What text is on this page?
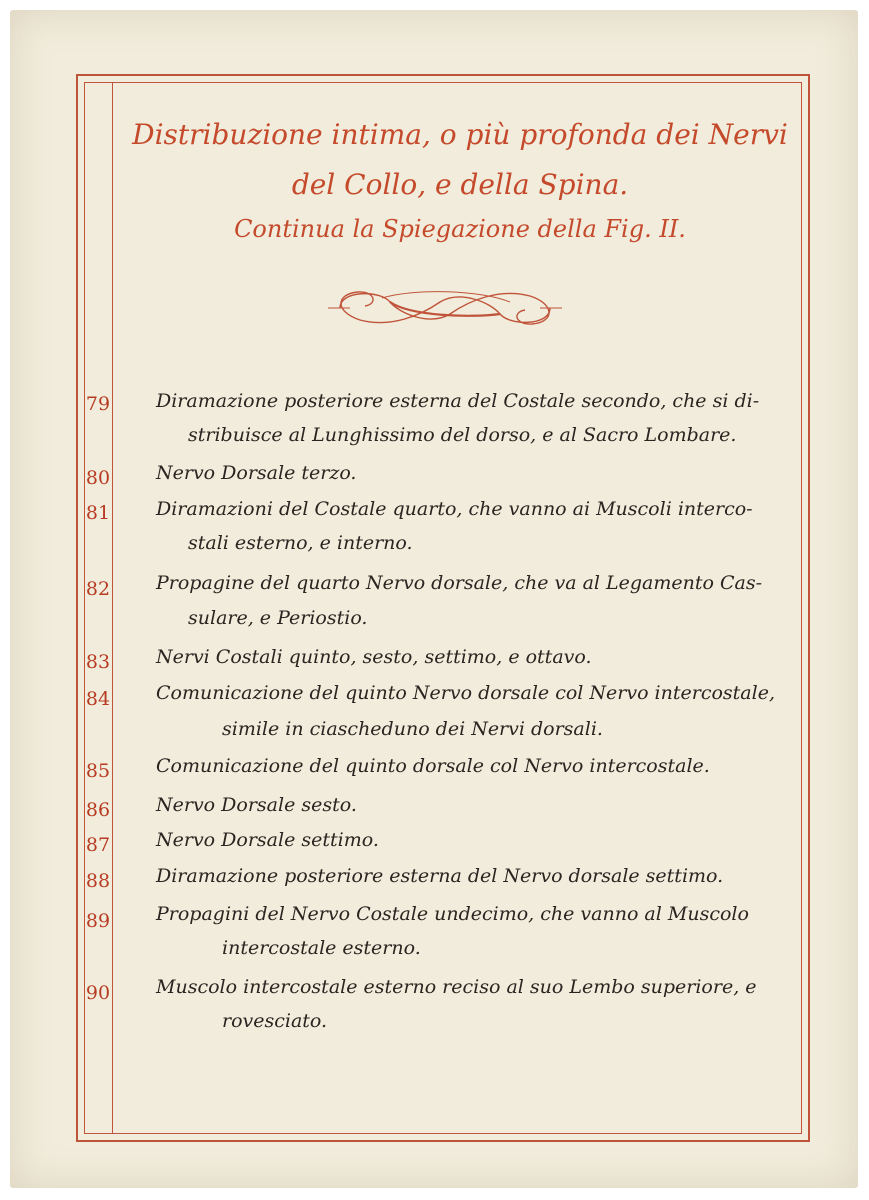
Distribuzione intima, o più profonda dei Nervi
del Collo, e della Spina.
Continua la Spiegazione della Fig. II.
79 Diramazione posteriore esterna del Costale secondo, che si di-
stribuisce al Lunghissimo del dorso, e al Sacro Lombare.
80 Nervo Dorsale terzo.
81 Diramazioni del Costale quarto, che vanno ai Muscoli interco-
stali esterno, e interno.
82 Propagine del quarto Nervo dorsale, che va al Legamento Cas-
sulare, e Periostio.
83 Nervi Costali quinto, sesto, settimo, e ottavo.
84 Comunicazione del quinto Nervo dorsale col Nervo intercostale,
simile in ciascheduno dei Nervi dorsali.
85 Comunicazione del quinto dorsale col Nervo intercostale.
86 Nervo Dorsale sesto.
87 Nervo Dorsale settimo.
88 Diramazione posteriore esterna del Nervo dorsale settimo.
89 Propagini del Nervo Costale undecimo, che vanno al Muscolo
intercostale esterno.
90 Muscolo intercostale esterno reciso al suo Lembo superiore, e
rovesciato.
